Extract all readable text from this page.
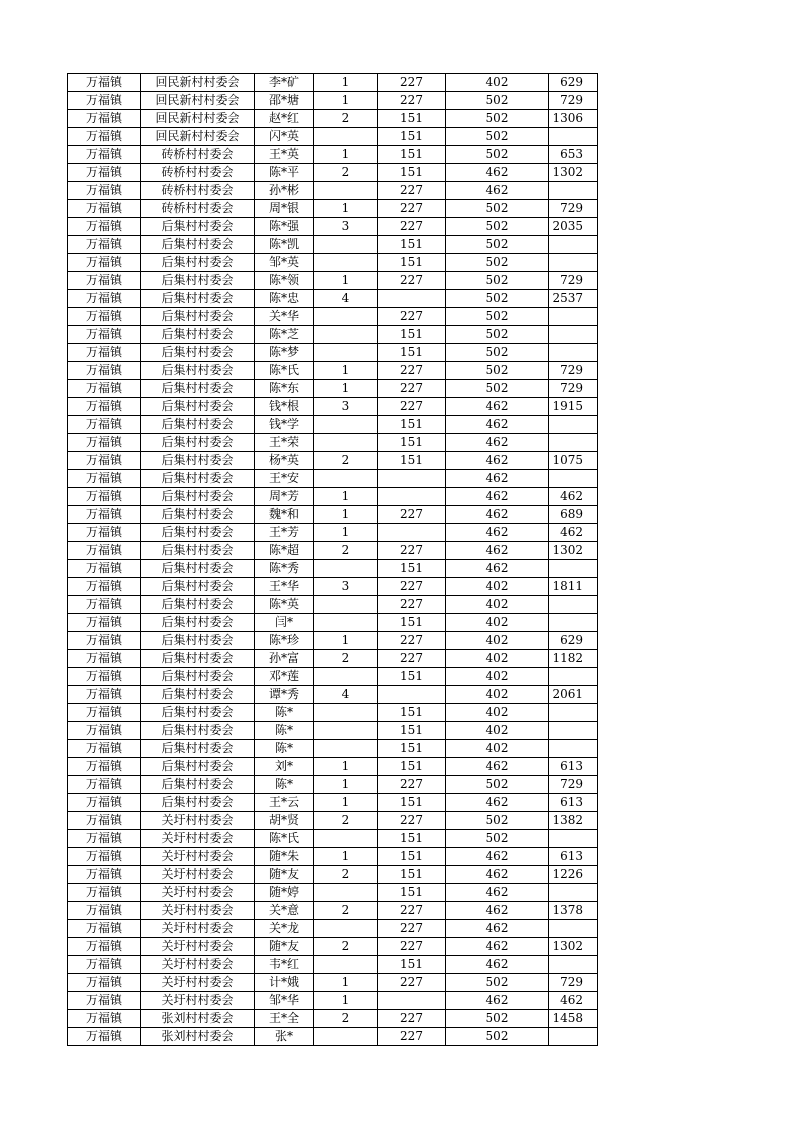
万福镇	回民新村村委会	李*矿	1	227	402	629
万福镇	回民新村村委会	邵*塘	1	227	502	729
万福镇	回民新村村委会	赵*红	2	151	502	1306
万福镇	回民新村村委会	闪*英		151	502	
万福镇	砖桥村村委会	王*英	1	151	502	653
万福镇	砖桥村村委会	陈*平	2	151	462	1302
万福镇	砖桥村村委会	孙*彬		227	462	
万福镇	砖桥村村委会	周*银	1	227	502	729
万福镇	后集村村委会	陈*强	3	227	502	2035
万福镇	后集村村委会	陈*凯		151	502	
万福镇	后集村村委会	邹*英		151	502	
万福镇	后集村村委会	陈*领	1	227	502	729
万福镇	后集村村委会	陈*忠	4		502	2537
万福镇	后集村村委会	关*华		227	502	
万福镇	后集村村委会	陈*芝		151	502	
万福镇	后集村村委会	陈*梦		151	502	
万福镇	后集村村委会	陈*氏	1	227	502	729
万福镇	后集村村委会	陈*东	1	227	502	729
万福镇	后集村村委会	钱*根	3	227	462	1915
万福镇	后集村村委会	钱*学		151	462	
万福镇	后集村村委会	王*荣		151	462	
万福镇	后集村村委会	杨*英	2	151	462	1075
万福镇	后集村村委会	王*安			462	
万福镇	后集村村委会	周*芳	1		462	462
万福镇	后集村村委会	魏*和	1	227	462	689
万福镇	后集村村委会	王*芳	1		462	462
万福镇	后集村村委会	陈*超	2	227	462	1302
万福镇	后集村村委会	陈*秀		151	462	
万福镇	后集村村委会	王*华	3	227	402	1811
万福镇	后集村村委会	陈*英		227	402	
万福镇	后集村村委会	闫*		151	402	
万福镇	后集村村委会	陈*珍	1	227	402	629
万福镇	后集村村委会	孙*富	2	227	402	1182
万福镇	后集村村委会	邓*莲		151	402	
万福镇	后集村村委会	谭*秀	4		402	2061
万福镇	后集村村委会	陈*		151	402	
万福镇	后集村村委会	陈*		151	402	
万福镇	后集村村委会	陈*		151	402	
万福镇	后集村村委会	刘*	1	151	462	613
万福镇	后集村村委会	陈*	1	227	502	729
万福镇	后集村村委会	王*云	1	151	462	613
万福镇	关圩村村委会	胡*贤	2	227	502	1382
万福镇	关圩村村委会	陈*氏		151	502	
万福镇	关圩村村委会	随*朱	1	151	462	613
万福镇	关圩村村委会	随*友	2	151	462	1226
万福镇	关圩村村委会	随*婷		151	462	
万福镇	关圩村村委会	关*意	2	227	462	1378
万福镇	关圩村村委会	关*龙		227	462	
万福镇	关圩村村委会	随*友	2	227	462	1302
万福镇	关圩村村委会	韦*红		151	462	
万福镇	关圩村村委会	计*娥	1	227	502	729
万福镇	关圩村村委会	邹*华	1		462	462
万福镇	张刘村村委会	王*全	2	227	502	1458
万福镇	张刘村村委会	张*		227	502	
